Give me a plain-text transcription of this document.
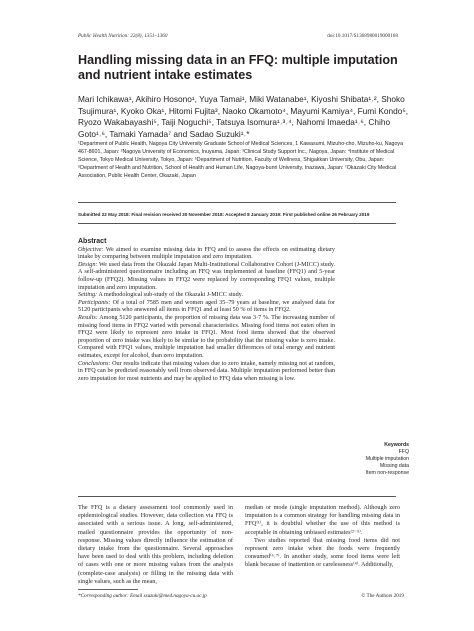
Public Health Nutrition: 22(8), 1351–1360	doi:10.1017/S1368980019000168
Handling missing data in an FFQ: multiple imputation and nutrient intake estimates
Mari Ichikawa¹, Akihiro Hosono¹, Yuya Tamai¹, Miki Watanabe¹, Kiyoshi Shibata¹˒², Shoko Tsujimura¹, Kyoko Oka¹, Hitomi Fujita³, Naoko Okamoto⁴, Mayumi Kamiya⁴, Fumi Kondo⁵, Ryozo Wakabayashi⁵, Taiji Noguchi⁵, Tatsuya Isomura¹˒³˒⁴, Nahomi Imaeda¹˒⁶, Chiho Goto¹˒⁶, Tamaki Yamada⁷ and Sadao Suzuki¹˒*
¹Department of Public Health, Nagoya City University Graduate School of Medical Sciences, 1 Kawasumi, Mizuho-cho, Mizuho-ku, Nagoya 467-8601, Japan: ²Nagoya University of Economics, Inuyama, Japan: ³Clinical Study Support Inc., Nagoya, Japan: ⁴Institute of Medical Science, Tokyo Medical University, Tokyo, Japan: ⁵Department of Nutrition, Faculty of Wellness, Shigakkan University, Obu, Japan: ⁶Department of Health and Nutrition, School of Health and Human Life, Nagoya-bunri University, Inazawa, Japan: ⁷Okazaki City Medical Association, Public Health Center, Okazaki, Japan
Submitted 22 May 2018: Final revision received 30 November 2018: Accepted 8 January 2019: First published online 26 February 2019
Abstract

Objective: We aimed to examine missing data in FFQ and to assess the effects on estimating dietary intake by comparing between multiple imputation and zero imputation.

Design: We used data from the Okazaki Japan Multi-Institutional Collaborative Cohort (J-MICC) study. A self-administered questionnaire including an FFQ was implemented at baseline (FFQ1) and 5-year follow-up (FFQ2). Missing values in FFQ2 were replaced by corresponding FFQ1 values, multiple imputation and zero imputation.

Setting: A methodological sub-study of the Okazaki J-MICC study.

Participants: Of a total of 7585 men and women aged 35–79 years at baseline, we analysed data for 5120 participants who answered all items in FFQ1 and at least 50 % of items in FFQ2.

Results: Among 5120 participants, the proportion of missing data was 3·7 %. The increasing number of missing food items in FFQ2 varied with personal characteristics. Missing food items not eaten often in FFQ2 were likely to represent zero intake in FFQ1. Most food items showed that the observed proportion of zero intake was likely to be similar to the probability that the missing value is zero intake. Compared with FFQ1 values, multiple imputation had smaller differences of total energy and nutrient estimates, except for alcohol, than zero imputation.

Conclusions: Our results indicate that missing values due to zero intake, namely missing not at random, in FFQ can be predicted reasonably well from observed data. Multiple imputation performed better than zero imputation for most nutrients and may be applied to FFQ data when missing is low.

Keywords
FFQ
Multiple imputation
Missing data
Item non-response

The FFQ is a dietary assessment tool commonly used in epidemiological studies. However, data collection via FFQ is associated with a serious issue. A long, self-administered, mailed questionnaire provides the opportunity of non-response. Missing values directly influence the estimation of dietary intake from the questionnaire. Several approaches have been used to deal with this problem, including deletion of cases with one or more missing values from the analysis (complete-case analysis) or filling in the missing data with single values, such as the mean,

median or mode (single imputation method). Although zero imputation is a common strategy for handling missing data in FFQ⁽¹⁾, it is doubtful whether the use of this method is acceptable in obtaining unbiased estimates⁽²⁻⁵⁾.

Two studies reported that missing food items did not represent zero intake when the foods were frequently consumed⁽⁶˒⁷⁾. In another study, some food items were left blank because of inattention or carelessness⁽⁴⁾. Additionally,

*Corresponding author: Email ssuzuki@med.nagoya-cu.ac.jp	© The Authors 2019
